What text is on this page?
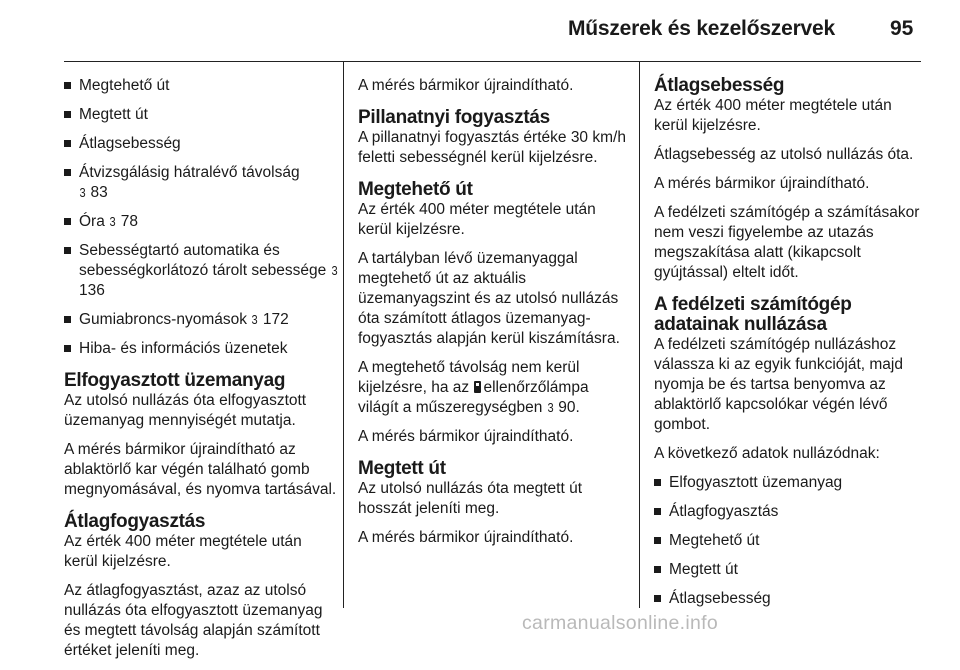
Műszerek és kezelőszervek	95
Megtehető út
Megtett út
Átlagsebesség
Átvizsgálásig hátralévő távolság
3 83
Óra 3 78
Sebességtartó automatika és sebességkorlátozó tárolt sebessége 3 136
Gumiabroncs-nyomások 3 172
Hiba- és információs üzenetek
Elfogyasztott üzemanyag

Az utolsó nullázás óta elfogyasztott üzemanyag mennyiségét mutatja.

A mérés bármikor újraindítható az ablaktörlő kar végén található gomb megnyomásával, és nyomva tartásával.

Átlagfogyasztás

Az érték 400 méter megtétele után kerül kijelzésre.

Az átlagfogyasztást, azaz az utolsó nullázás óta elfogyasztott üzemanyag és megtett távolság alapján számított értéket jeleníti meg.

A mérés bármikor újraindítható.

Pillanatnyi fogyasztás

A pillanatnyi fogyasztás értéke 30 km/h feletti sebességnél kerül kijelzésre.

Megtehető út

Az érték 400 méter megtétele után kerül kijelzésre.

A tartályban lévő üzemanyaggal megtehető út az aktuális üzemanyagszint és az utolsó nullázás óta számított átlagos üzemanyag-fogyasztás alapján kerül kiszámításra.

A megtehető távolság nem kerül kijelzésre, ha az ellenőrzőlámpa világít a műszeregységben 3 90.

A mérés bármikor újraindítható.

Megtett út

Az utolsó nullázás óta megtett út hosszát jeleníti meg.

A mérés bármikor újraindítható.

Átlagsebesség

Az érték 400 méter megtétele után kerül kijelzésre.

Átlagsebesség az utolsó nullázás óta.

A mérés bármikor újraindítható.

A fedélzeti számítógép a számításakor nem veszi figyelembe az utazás megszakítása alatt (kikapcsolt gyújtással) eltelt időt.

A fedélzeti számítógép
adatainak nullázása

A fedélzeti számítógép nullázáshoz válassza ki az egyik funkcióját, majd nyomja be és tartsa benyomva az ablaktörlő kapcsolókar végén lévő gombot.

A következő adatok nullázódnak:

Elfogyasztott üzemanyag
Átlagfogyasztás
Megtehető út
Megtett út
Átlagsebesség
carmanualsonline.info
